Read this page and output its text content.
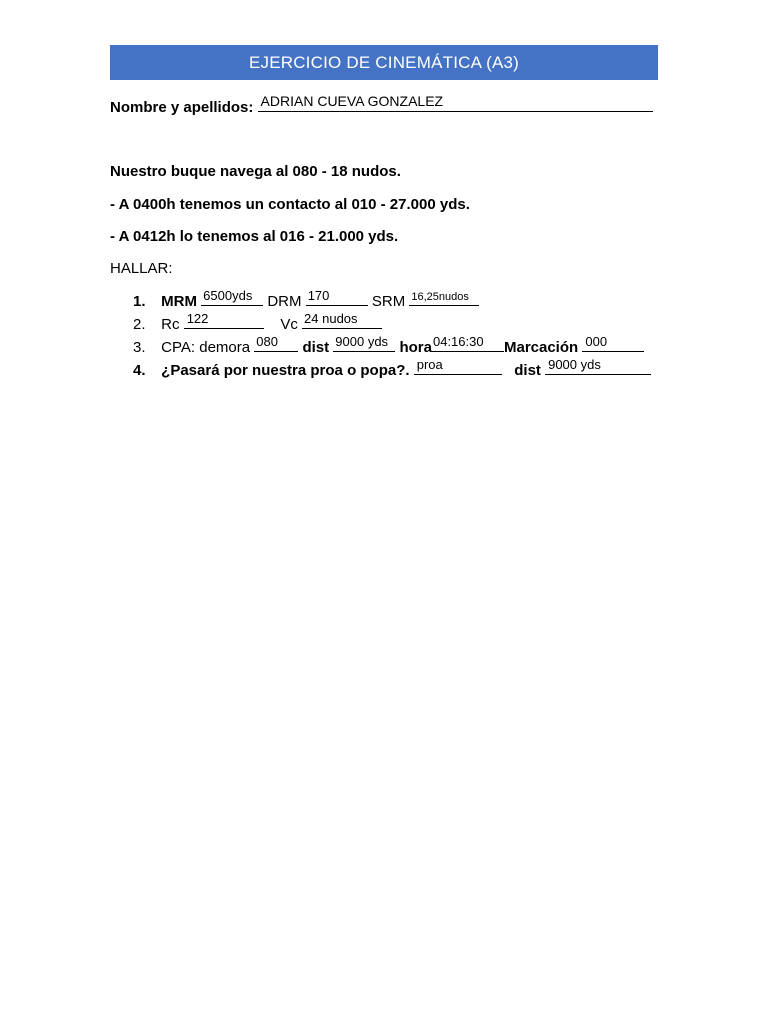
EJERCICIO DE CINEMÁTICA (A3)
Nombre y apellidos: ADRIAN CUEVA GONZALEZ
Nuestro buque navega al 080 - 18 nudos.
- A 0400h tenemos un contacto al 010 - 27.000 yds.
- A 0412h lo tenemos al 016 - 21.000 yds.
HALLAR:
1. MRM 6500yds DRM 170	SRM 16,25nudos
2. Rc 122	Vc 24 nudos
3. CPA: demora 080 dist 9000 yds hora 04:16:30 Marcación 000
4. ¿Pasará por nuestra proa o popa?. proa	dist 9000 yds
